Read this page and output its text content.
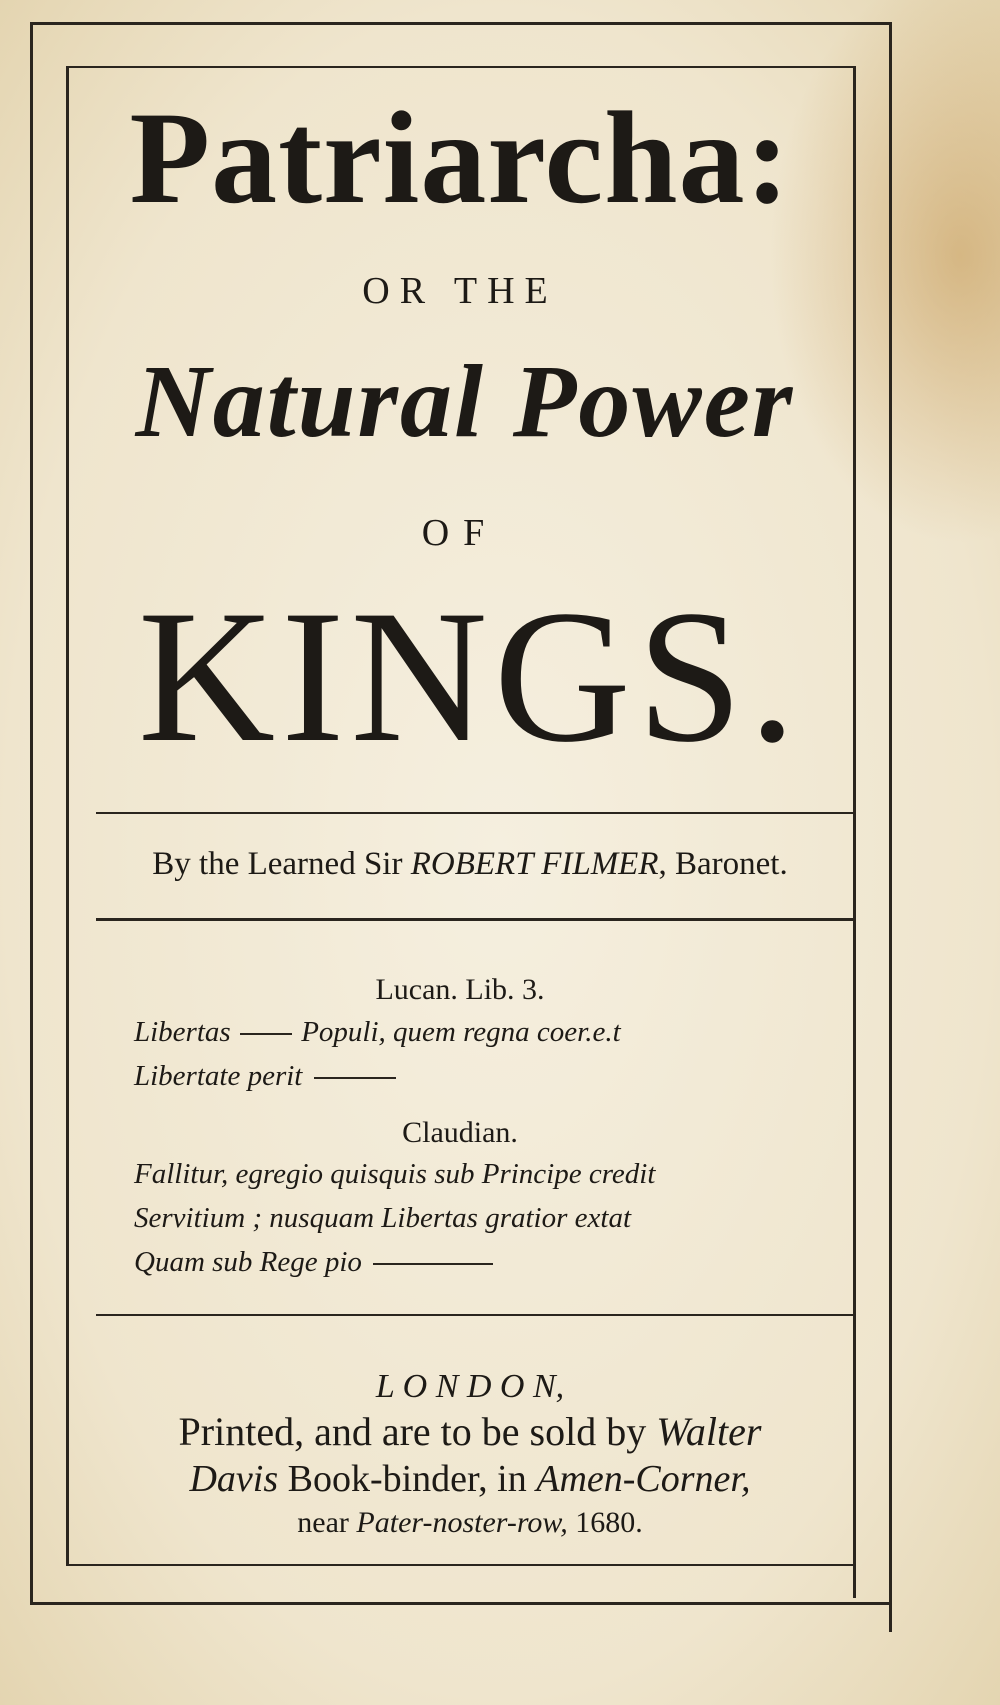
Patriarcha:
OR THE
Natural Power
OF
KINGS.
By the Learned Sir ROBERT FILMER, Baronet.
Lucan. Lib. 3.
Libertas Populi, quem regna coer.e.t
Libertate perit
Claudian.
Fallitur, egregio quisquis sub Principe credit
Servitium ; nusquam Libertas gratior extat
Quam sub Rege pio
L O N D O N,
Printed, and are to be sold by Walter
Davis Book-binder, in Amen-Corner,
near Pater-noster-row, 1680.
